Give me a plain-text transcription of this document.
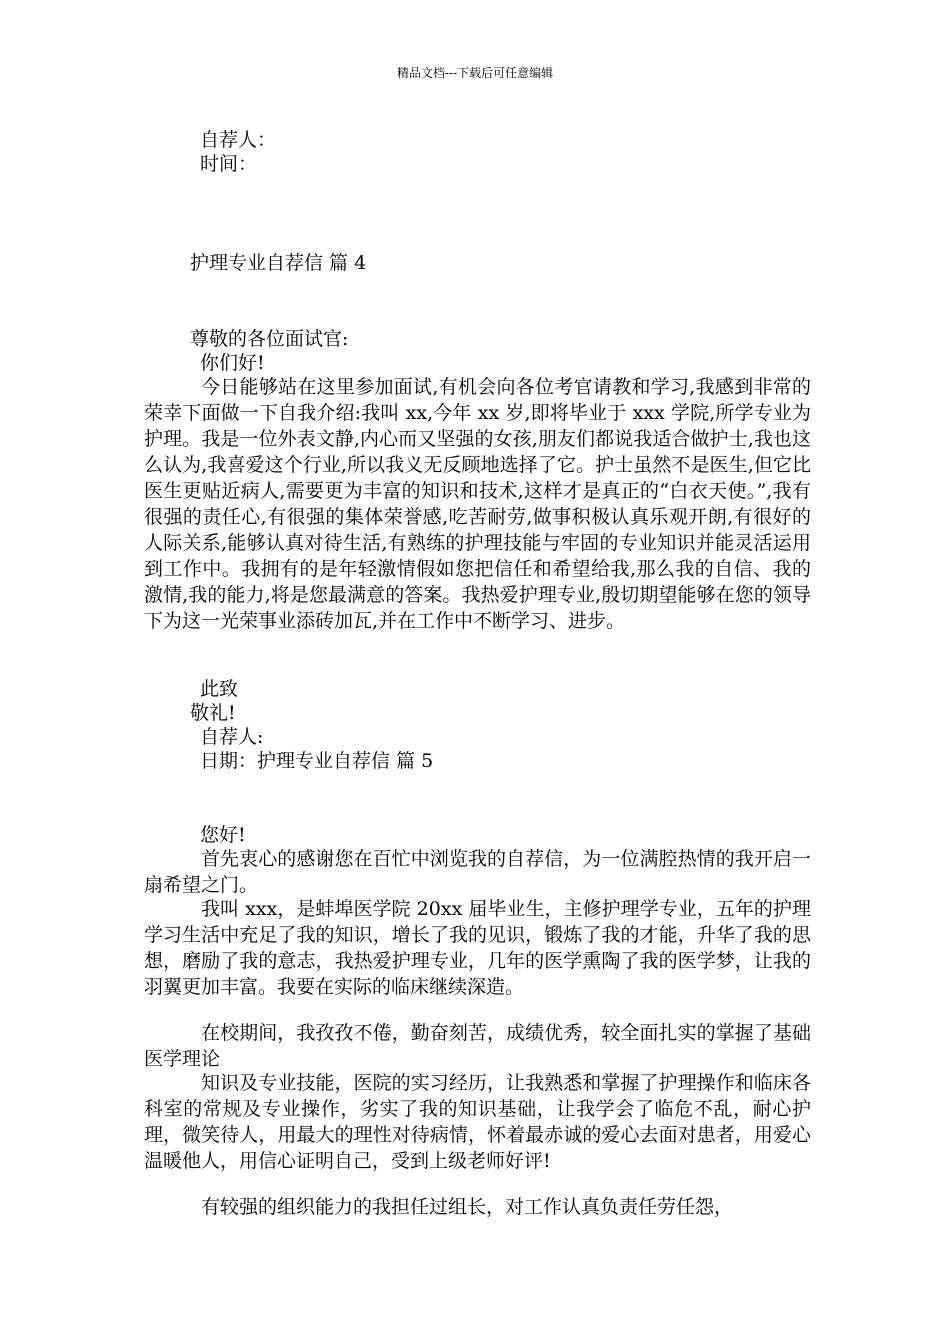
精品文档---下载后可任意编辑
自荐人：
时间：
护理专业自荐信 篇 4
尊敬的各位面试官:
你们好!
今日能够站在这里参加面试,有机会向各位考官请教和学习,我感到非常的荣幸下面做一下自我介绍:我叫 xx,今年 xx 岁,即将毕业于 xxx 学院,所学专业为护理。我是一位外表文静,内心而又坚强的女孩,朋友们都说我适合做护士,我也这么认为,我喜爱这个行业,所以我义无反顾地选择了它。护士虽然不是医生,但它比医生更贴近病人,需要更为丰富的知识和技术,这样才是真正的“白衣天使。”,我有很强的责任心,有很强的集体荣誉感,吃苦耐劳,做事积极认真乐观开朗,有很好的人际关系,能够认真对待生活,有熟练的护理技能与牢固的专业知识并能灵活运用到工作中。我拥有的是年轻激情假如您把信任和希望给我,那么我的自信、我的激情,我的能力,将是您最满意的答案。我热爱护理专业,殷切期望能够在您的领导下为这一光荣事业添砖加瓦,并在工作中不断学习、进步。
此致
敬礼!
自荐人:
日期：护理专业自荐信 篇 5
您好!
首先衷心的感谢您在百忙中浏览我的自荐信，为一位满腔热情的我开启一扇希望之门。
我叫 xxx，是蚌埠医学院 20xx 届毕业生，主修护理学专业，五年的护理学习生活中充足了我的知识，增长了我的见识，锻炼了我的才能，升华了我的思想，磨励了我的意志，我热爱护理专业，几年的医学熏陶了我的医学梦，让我的羽翼更加丰富。我要在实际的临床继续深造。
在校期间，我孜孜不倦，勤奋刻苦，成绩优秀，较全面扎实的掌握了基础医学理论
知识及专业技能，医院的实习经历，让我熟悉和掌握了护理操作和临床各科室的常规及专业操作，劣实了我的知识基础，让我学会了临危不乱，耐心护理，微笑待人，用最大的理性对待病情，怀着最赤诚的爱心去面对患者，用爱心温暖他人，用信心证明自己，受到上级老师好评!
有较强的组织能力的我担任过组长，对工作认真负责任劳任怨，
